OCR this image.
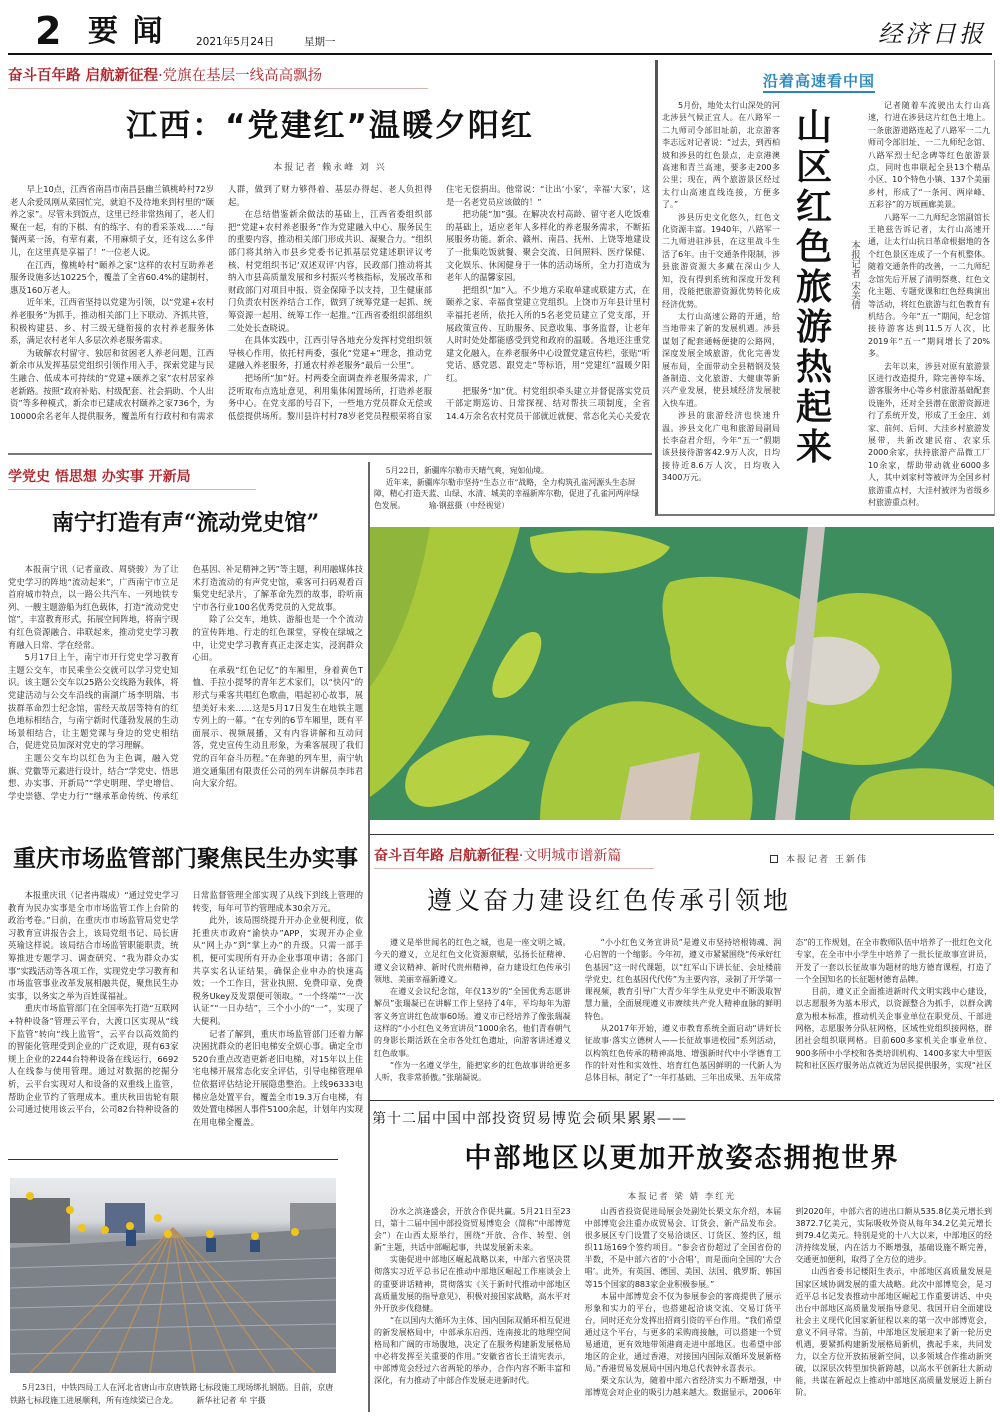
2 要 闻	2021年5月24日	星期一	经济日报
奋斗百年路 启航新征程·党旗在基层一线高高飘扬
江西：“党建红”温暖夕阳红
本报记者 赖永峰 刘 兴

早上10点，江西省南昌市南昌县幽兰镇桃岭村72岁老人余爱凤刚从菜园忙完，就迫不及待地来到村里的“颐养之家”。尽管未到饭点，这里已经非常热闹了，老人们聚在一起，有的下棋、有的练字、有的看采茶戏……“每餐两菜一汤，有荤有素，不用麻烦子女，还有这么多伴儿，在这里真是享福了！”一位老人说。

在江西，像桃岭村“颐养之家”这样的农村互助养老服务设施多达10225个，覆盖了全省60.4%的建制村，惠及160万老人。

近年来，江西省坚持以党建为引领，以“党建+农村养老服务”为抓手，推动相关部门上下联动、齐抓共管，积极构建县、乡、村三级无缝衔接的农村养老服务体系，满足农村老年人多层次养老服务需求。

为破解农村留守、独居和贫困老人养老问题，江西新余市从发挥基层党组织引领作用入手，探索党建与民生融合、低成本可持续的“党建+颐养之家”农村居家养老新路。按照“政府补贴、村级配套、社会捐助、个人出资”等多种模式，新余市已建成农村颐养之家736个，为10000余名老年人提供服务，覆盖所有行政村和有需求人群，做到了财力够得着、基层办得起、老人负担得起。

在总结借鉴新余做法的基础上，江西省委组织部把“党建+农村养老服务”作为党建融入中心、服务民生的重要内容，推动相关部门形成共识、凝聚合力。“组织部门将其纳入市县乡党委书记抓基层党建述职评议考核、村党组织书记‘双述双评’内容，民政部门推动将其纳入市县高质量发展和乡村振兴考核指标，发展改革和财政部门对项目申报、资金保障予以支持，卫生健康部门负责农村医养结合工作，做到了统筹党建一起抓、统筹资源一起用、统筹工作一起推。”江西省委组织部组织二处处长查晓说。

在具体实践中，江西引导各地充分发挥村党组织领导核心作用，依托村两委，强化“党建+”理念，推动党建融入养老服务，打通农村养老服务“最后一公里”。

把场所“加”好。村两委全面调查养老服务需求，广泛听取布点选址意见，利用集体闲置场所，打造养老服务中心。在党支部的号召下，一些地方党员群众无偿或低偿提供场所。黎川县许村村78岁老党员程根荣将自家住宅无偿捐出。他常说：“让出‘小家’，幸福‘大家’，这是一名老党员应该做的！”

把功能“加”强。在解决农村高龄、留守老人吃饭难的基础上，适应老年人多样化的养老服务需求，不断拓展服务功能。新余、赣州、南昌、抚州、上饶等地建设了一批集吃饭就餐、聚会交流、日间照料、医疗保健、文化娱乐、休闲健身于一体的活动场所，全力打造成为老年人的温馨家园。

把组织“加”入。不少地方采取单建或联建方式，在颐养之家、幸福食堂建立党组织。上饶市万年县计里村幸福托老所，依托入所的5名老党员建立了党支部，开展政策宣传、互助服务、民意收集、事务监督，让老年人时时处处都能感受到党和政府的温暖。各地还注重党建文化融入，在养老服务中心设置党建宣传栏，张贴“听党话、感党恩、跟党走”等标语，用“党建红”温暖夕阳红。

把服务“加”优。村党组织牵头建立并督促落实党员干部定期巡访、日常探视、结对帮扶三项制度，全省14.4万余名农村党员干部就近就便、常态化关心关爱农

沿着高速看中国

5月份，地处太行山深处的河北涉县气候正宜人。在八路军一二九师司令部旧址前，北京游客李志远对记者说：“过去，到西柏坡和涉县的红色景点，走京港澳高速和青兰高速，要多走200多公里；现在，两个旅游景区经过太行山高速直线连接，方便多了。”

涉县历史文化悠久，红色文化资源丰富。1940年，八路军一二九师进驻涉县，在这里战斗生活了6年。由于交通条件限制，涉县旅游资源大多藏在深山少人知，没有得到系统和深度开发利用，没能把旅游资源优势转化成经济优势。

太行山高速公路的开通，给当地带来了新的发展机遇。涉县谋划了配套通畅便捷的公路网，深度发展全域旅游，优化完善发展布局，全面带动全县精钢及装备制造、文化旅游、大健康等新兴产业发展，使县域经济发展驶入快车道。

涉县的旅游经济也快速升温。涉县文化广电和旅游局副局长李奋君介绍，今年“五一”假期该县接待游客42.9万人次，日均接待近8.6万人次，日均收入3400万元。

山
区
红
色
旅
游
热
起
来
本报记者 宋美倩

记者随着车流驶出太行山高速，行进在涉县这片红色土地上。一条旅游道路连起了八路军一二九师司令部旧址、一二九师纪念馆、八路军烈士纪念碑等红色旅游景点，同时也串联起全县13个精品小区、10个特色小镇、137个美丽乡村，形成了“一条河、两岸峰、五彩谷”的万顷画廊美景。

八路军一二九师纪念馆副馆长王艳兹告诉记者，太行山高速开通，让太行山抗日革命根据地的各个红色景区连成了一个有机整体。随着交通条件的改善，一二九师纪念馆先后开展了清明祭奠、红色文化主题、专题党课和红色经典演出等活动，将红色旅游与红色教育有机结合。今年“五一”期间，纪念馆接待游客达到11.5万人次，比2019年“五一”期间增长了20%多。

去年以来，涉县对原有旅游景区进行改造提升，除完善停车场、游客服务中心等乡村旅游基础配套设施外，还对全县潜在旅游资源进行了系统开发，形成了王金庄、刘家、前何、后何、大洼乡村旅游发展带，共新改建民宿、农家乐2000余家，扶持旅游产品微工厂10余家，帮助带动就业6000多人，其中刘家村等被评为全国乡村旅游重点村，大洼村被评为省级乡村旅游重点村。

学党史 悟思想 办实事 开新局
南宁打造有声“流动党史馆”

本报南宁讯（记者童政、周骁骏）为了让党史学习的阵地“流动起来”，广西南宁市立足首府城市特点，以一路公共汽车、一列地铁专列、一艘主题游船为红色载体，打造“流动党史馆”，丰富教育形式，拓展空间阵地，将南宁现有红色资源融合、串联起来，推动党史学习教育融入日常、学在经常。

5月17日上午，南宁市开行党史学习教育主题公交车，市民乘坐公交就可以学习党史知识。该主题公交车以25路公交线路为载体，将党建活动与公交车沿线的南湖广场李明瑞、韦拔群革命烈士纪念馆，雷经天故居等特有的红色地标相结合，与南宁新时代蓬勃发展的生动场景相结合，让主题党课与身边的党史相结合，促进党员加深对党史的学习理解。

主题公交车均以红色为主色调，融入党旗、党徽等元素进行设计，结合“学党史、悟思想、办实事、开新局”“学史明理、学史增信、学史崇德、学史力行”“继承革命传统、传承红色基因、补足精神之钙”等主题，利用融媒体技术打造流动的有声党史馆，乘客可扫码观看百集党史纪录片，了解革命先烈的故事，聆听南宁市各行业100名优秀党员的入党故事。

除了公交车，地铁、游船也是一个个流动的宣传阵地、行走的红色课堂，穿梭在绿城之中，让党史学习教育真正走深走实，浸润群众心田。

在承载“红色记忆”的车厢里，身着黄色T恤、手拉小提琴的青年艺术家们，以“快闪”的形式与乘客共唱红色歌曲，唱起初心故事，展望美好未来……这是5月17日发生在地铁主题专列上的一幕。“在专列的6节车厢里，既有平面展示、视频展播，又有内容讲解和互动问答，党史宣传生动且形象，为乘客展现了我们党的百年奋斗历程。”在奔驰的列车里，南宁轨道交通集团有限责任公司的列车讲解员李玮君向大家介绍。

重庆市场监管部门聚焦民生办实事

本报重庆讯（记者冉瑞成）“通过党史学习教育为民办实事是全市市场监管工作上台阶的政治考卷。”日前，在重庆市市场监管局党史学习教育宣讲报告会上，该局党组书记、局长唐英瑜这样说。该局结合市场监管职能职责，统筹推进专题学习、调查研究、“我为群众办实事”实践活动等各项工作，实现党史学习教育和市场监管事业改革发展相融共促，聚焦民生办实事，以务实之举为百姓谋福祉。

重庆市场监管部门在全国率先打造“互联网+特种设备”管理云平台，大渡口区实现从“线下监管”转向“线上监管”，云平台以高效简约的智能化管理受到企业的广泛欢迎，现有63家规上企业的2244台特种设备在线运行，6692人在线参与使用管理。通过对数据的挖掘分析，云平台实现对人和设备的双重线上监管，帮助企业节约了管理成本。重庆秋田齿轮有限公司通过使用该云平台，公司82台特种设备的日常监督管理全部实现了从线下到线上管理的转变，每年可节约管理成本30余万元。

此外，该局围绕提升开办企业便利度，依托重庆市政府“渝快办”APP，实现开办企业从“网上办”到“掌上办”的升级。只需一部手机，便可实现所有开办企业事项申请；各部门共享实名认证结果，确保企业申办的快速高效；一个工作日，营业执照、免费印章、免费税务Ukey及发票便可领取。“一个终端”“一次认证”“一日办结”，三个小小的“一”，实现了大便利。

记者了解到，重庆市场监管部门还着力解决困扰群众的老旧电梯安全烦心事。确定全市520台重点改造更新老旧电梯，对15年以上住宅电梯开展常态化安全评估，引导电梯管理单位依据评估结论开展隐患整治。上线96333电梯应急处置平台，覆盖全市19.3万台电梯，有效处置电梯困人事件5100余起，计划年内实现在用电梯全覆盖。

5月23日，中铁四局工人在河北省唐山市京唐铁路七标段施工现场绑扎钢筋。目前，京唐铁路七标段施工进展顺利，所有连续梁已合龙。 新华社记者 牟 宇摄
5月22日，新疆库尔勒市天晴气爽，宛如仙境。
近年来，新疆库尔勒市坚持“生态立市”战略，全力构筑孔雀河源头生态屏障，精心打造天蓝、山绿、水清、城美的幸福新库尔勒，促进了孔雀河两岸绿色发展。	瑜·钢兹摄（中经视觉）
奋斗百年路 启航新征程·文明城市谱新篇	本报记者 王新伟
遵义奋力建设红色传承引领地

遵义是举世闻名的红色之城，也是一座文明之城。今天的遵义，立足红色文化资源禀赋，弘扬长征精神、遵义会议精神、新时代贵州精神，奋力建设红色传承引领地、美丽幸福新遵义。

在遵义会议纪念馆，年仅13岁的“全国优秀志愿讲解员”张瑞凝已在讲解工作上坚持了4年，平均每年为游客义务宣讲红色故事60场。遵义市已经培养了像张瑞凝这样的“小小红色义务宣讲员”1000余名，他们青春朝气的身影长期活跃在全市各处红色遗址，向游客讲述遵义红色故事。

“作为一名遵义学生，能把家乡的红色故事讲给更多人听，我非常骄傲。”张瑞凝说。

“小小红色义务宣讲员”是遵义市坚持培根铸魂、润心启智的一个缩影。今年初，遵义市紧紧围绕“传承好红色基因”这一时代课题，以“红军山下讲长征、会址楼前学党史、红色基因代代传”为主要内容，录制了开学第一课视频，教育引导广大青少年学生从党史中不断汲取智慧力量，全面展现遵义市赓续共产党人精神血脉的鲜明特色。

从2017年开始，遵义市教育系统全面启动“讲好长征故事·落实立德树人——长征故事进校园”系列活动，以构筑红色传承的精神高地、增强新时代中小学德育工作的针对性和实效性、培育红色基因鲜明的一代新人为总体目标，制定了“一年打基础、三年出成果、五年成常态”的工作规划，在全市教师队伍中培养了一批红色文化专家，在全市中小学生中培养了一批长征故事宣讲员，开发了一套以长征故事为题材的地方德育课程，打造了一个全国知名的长征题材德育品牌。

目前，遵义正全面推进新时代文明实践中心建设，以志愿服务为基本形式，以资源整合为抓手，以群众满意为根本标准，推动机关企事业单位在职党员、干部进网格，志愿服务分队驻网格，区域性党组织接网格，群团社会组织联网格。目前600多家机关企事业单位、900多所中小学校和各类培训机构、1400多家大中型医院和社区医疗服务站点就近为居民提供服务，实现“社区

第十二届中国中部投资贸易博览会硕果累累——
中部地区以更加开放姿态拥抱世界
本报记者 梁 婧 李红光

汾水之滨逢盛会，开放合作促共赢。5月21日至23日，第十二届中国中部投资贸易博览会（简称“中部博览会”）在山西太原举行，围绕“开放、合作、转型、创新”主题，共话中部崛起事，共谋发展新未来。

实施促进中部地区崛起战略以来，中部六省坚决贯彻落实习近平总书记在推动中部地区崛起工作座谈会上的重要讲话精神，贯彻落实《关于新时代推动中部地区高质量发展的指导意见》，积极对接国家战略，高水平对外开放步伐稳健。

“在以国内大循环为主体、国内国际双循环相互促进的新发展格局中，中部承东启西、连南接北的地理空间格局和广阔的市场腹地，决定了在服务构建新发展格局中必将发挥至关重要的作用。”安徽省省长王清宪表示，中部博览会经过六省两轮的举办，合作内容不断丰富和深化，有力推动了中部合作发展走进新时代。

山西省投资促进局展会处副处长栗文东介绍，本届中部博览会注重办成贸易会、订货会、新产品发布会。很多展区专门设置了交易洽谈区、订货区、签约区，组织11场169个签约项目。“参会省份超过了全国省份的半数，不是中部六省的‘小合唱’，而是面向全国的‘大合唱’。此外，有英国、德国、美国、法国、俄罗斯、韩国等15个国家的883家企业积极参展。”

本届中部博览会不仅为参展参会的客商提供了展示形象和实力的平台，也搭建起洽谈交流、交易订货平台，同时还充分发挥出招商引资的平台作用。“我们希望通过这个平台，与更多的采购商接触，可以搭建一个贸易通道，更有效地带领港商走进中部地区。也希望中部地区的企业，通过香港，对接国内国际双循环发展新格局。”香港贸易发展局中国内地总代表钟永喜表示。

栗文东认为，随着中部六省经济实力不断增强，中部博览会对企业的吸引力越来越大。数据显示，2006年到2020年，中部六省的进出口额从535.8亿美元增长到3872.7亿美元，实际吸收外资从每年34.2亿美元增长到79.4亿美元。特别是党的十八大以来，中部地区的经济持续发展，内在活力不断增强，基础设施不断完善，交通更加便利，取得了全方位的进步。

山西省委书记楼阳生表示，中部地区高质量发展是国家区域协调发展的重大战略。此次中部博览会，是习近平总书记发表推动中部地区崛起工作重要讲话、中央出台中部地区高质量发展指导意见、我国开启全面建设社会主义现代化国家新征程以来的第一次中部博览会，意义不同寻常。当前，中部地区发展迎来了新一轮历史机遇，要紧抓构建新发展格局新机，携起手来，共同发力，以全方位开放拓展新空间，以多领域合作推动新突破，以深层次转型加快新跨越，以高水平创新壮大新动能，共谋在新起点上推动中部地区高质量发展迈上新台阶。
